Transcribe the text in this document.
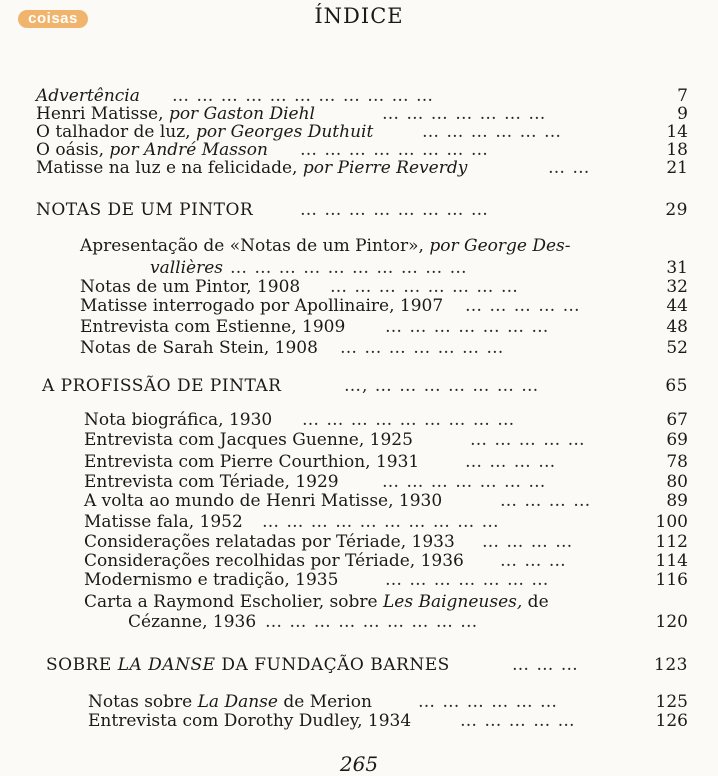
coisas	ÍNDICE
Advertência … … … … … … … … … … …	7
Henri Matisse, por Gaston Diehl	… … … … … … …	9
O talhador de luz, por Georges Duthuit	… … … … … …	14
O oásis, por André Masson … … … … … … … …	18
Matisse na luz e na felicidade, por Pierre Reverdy	… …	21
NOTAS DE UM PINTOR	… … … … … … … …	29
Apresentação de «Notas de um Pintor», por George Des-
vallières … … … … … … … … … …	31
Notas de um Pintor, 1908 … … … … … … … …	32
Matisse interrogado por Apollinaire, 1907 … … … … …	44
Entrevista com Estienne, 1909 … … … … … … …	48
Notas de Sarah Stein, 1908 … … … … … … …	52
A PROFISSÃO DE PINTAR	…, … … … … … … …	65
Nota biográfica, 1930 … … … … … … … … …	67
Entrevista com Jacques Guenne, 1925	… … … … …	69
Entrevista com Pierre Courthion, 1931	… … … …	78
Entrevista com Tériade, 1929	… … … … … … …	80
A volta ao mundo de Henri Matisse, 1930	… … … …	89
Matisse fala, 1952 … … … … … … … … … …	100
Considerações relatadas por Tériade, 1933 … … … …	112
Considerações recolhidas por Tériade, 1936 … … …	114
Modernismo e tradição, 1935	… … … … … … …	116
Carta a Raymond Escholier, sobre Les Baigneuses, de
Cézanne, 1936 … … … … … … … … …	120
SOBRE LA DANSE DA FUNDAÇÃO BARNES	… … …	123
Notas sobre La Danse de Merion	… … … … … …	125
Entrevista com Dorothy Dudley, 1934	… … … … …	126
265
